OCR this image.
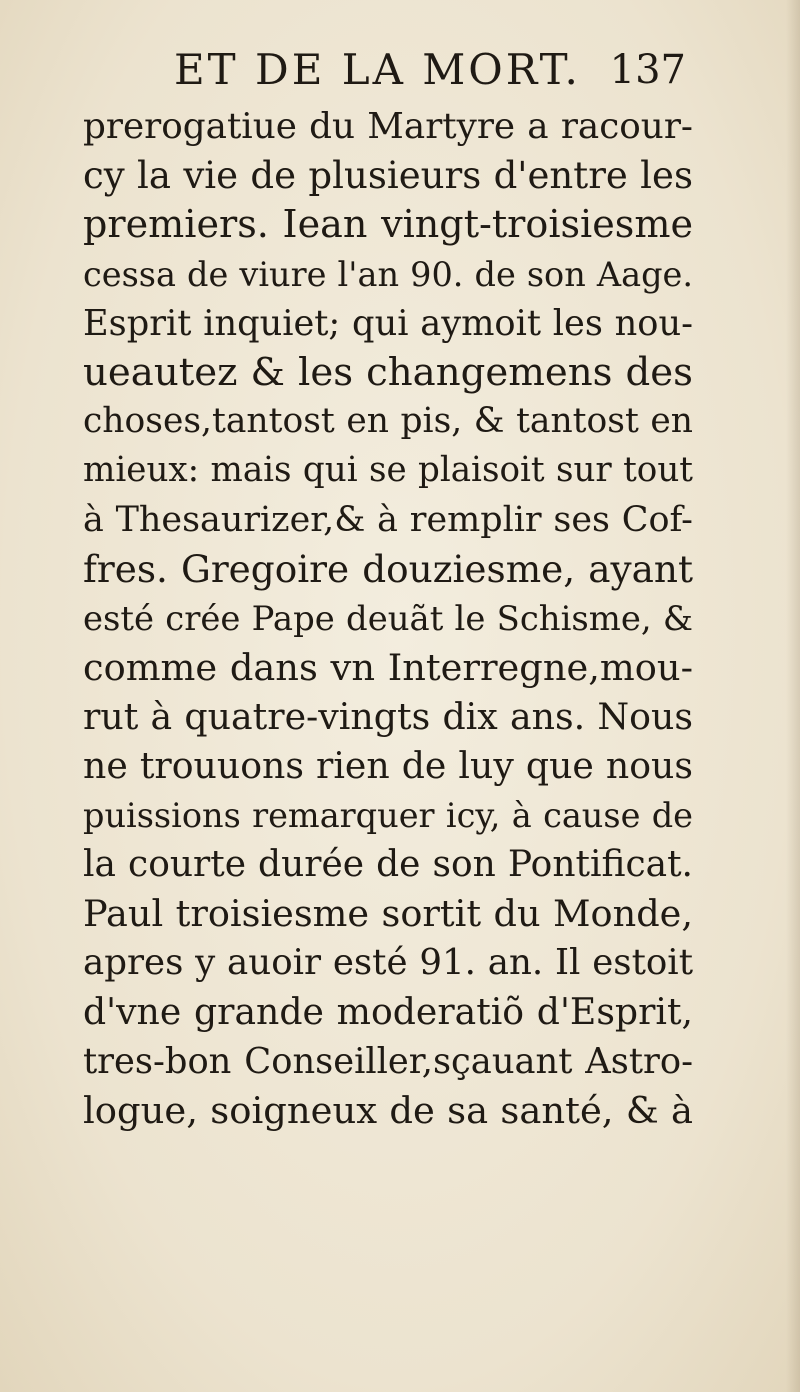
ET DE LA MORT. 137
prerogatiue du Martyre a racour-
cy la vie de plusieurs d'entre les
premiers. Iean vingt-troisiesme
cessa de viure l'an 90. de son Aage.
Esprit inquiet; qui aymoit les nou-
ueautez & les changemens des
choses,tantost en pis, & tantost en
mieux: mais qui se plaisoit sur tout
à Thesaurizer,& à remplir ses Cof-
fres. Gregoire douziesme, ayant
esté crée Pape deuãt le Schisme, &
comme dans vn Interregne,mou-
rut à quatre-vingts dix ans. Nous
ne trouuons rien de luy que nous
puissions remarquer icy, à cause de
la courte durée de son Pontificat.
Paul troisiesme sortit du Monde,
apres y auoir esté 91. an. Il estoit
d'vne grande moderatiõ d'Esprit,
tres-bon Conseiller,sçauant Astro-
logue, soigneux de sa santé, & à
